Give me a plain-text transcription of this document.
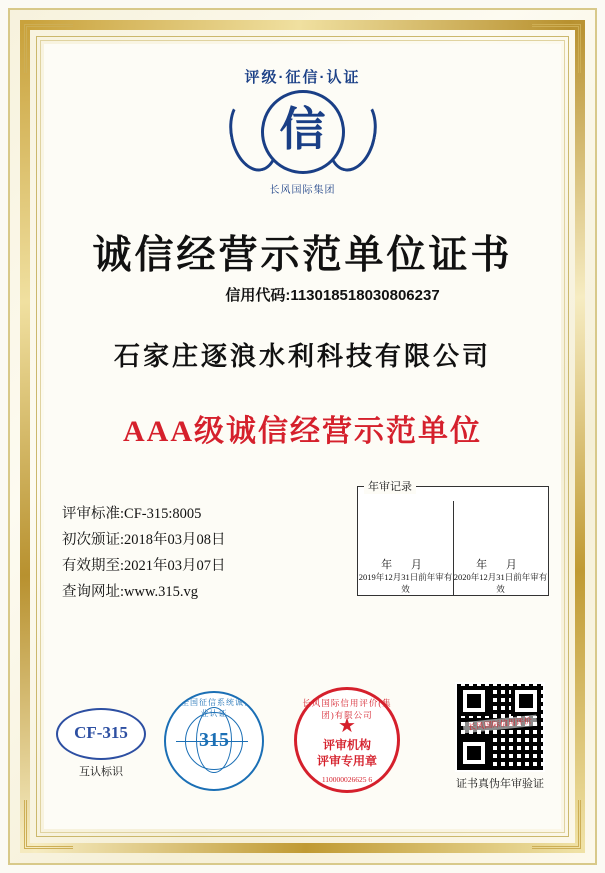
评级·征信·认证
信
长风国际集团
诚信经营示范单位证书
信用代码:113018518030806237
石家庄逐浪水利科技有限公司
AAA级诚信经营示范单位
评审标准:CF-315:8005
初次颁证:2018年03月08日
有效期至:2021年03月07日
查询网址:www.315.vg
年审记录
年 月
2019年12月31日前年审有效
年 月
2020年12月31日前年审有效
CF-315
互认标识
315全国征信系统诚信企业认证
315
长风国际信用评价(集团)有限公司
★
评审机构
评审专用章
110000026625 6
长风国际信用评价
证书真伪年审验证
